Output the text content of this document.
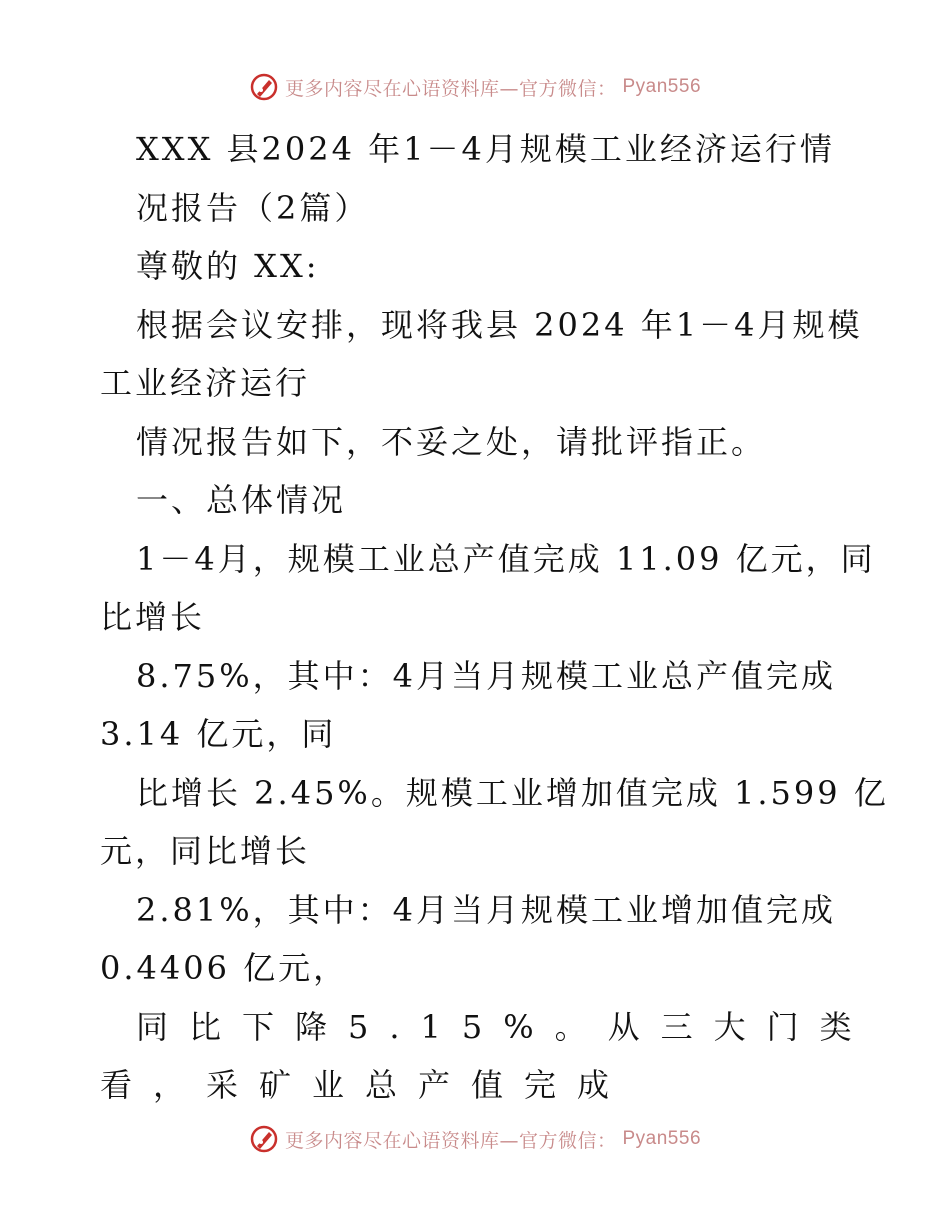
更多内容尽在心语资料库—官方微信： Pyan556
XXX 县2024 年1－4月规模工业经济运行情
况报告（2篇）
尊敬的 XX:
根据会议安排，现将我县 2024 年1－4月规模
工业经济运行
情况报告如下，不妥之处，请批评指正。
一、总体情况
1－4月，规模工业总产值完成 11.09 亿元，同
比增长
8.75%，其中：4月当月规模工业总产值完成
3.14 亿元，同
比增长 2.45%。规模工业增加值完成 1.599 亿
元，同比增长
2.81%，其中：4月当月规模工业增加值完成
0.4406 亿元，
同比下降5.15%。从三大门类
看，采矿业总产值完成
更多内容尽在心语资料库—官方微信： Pyan556
